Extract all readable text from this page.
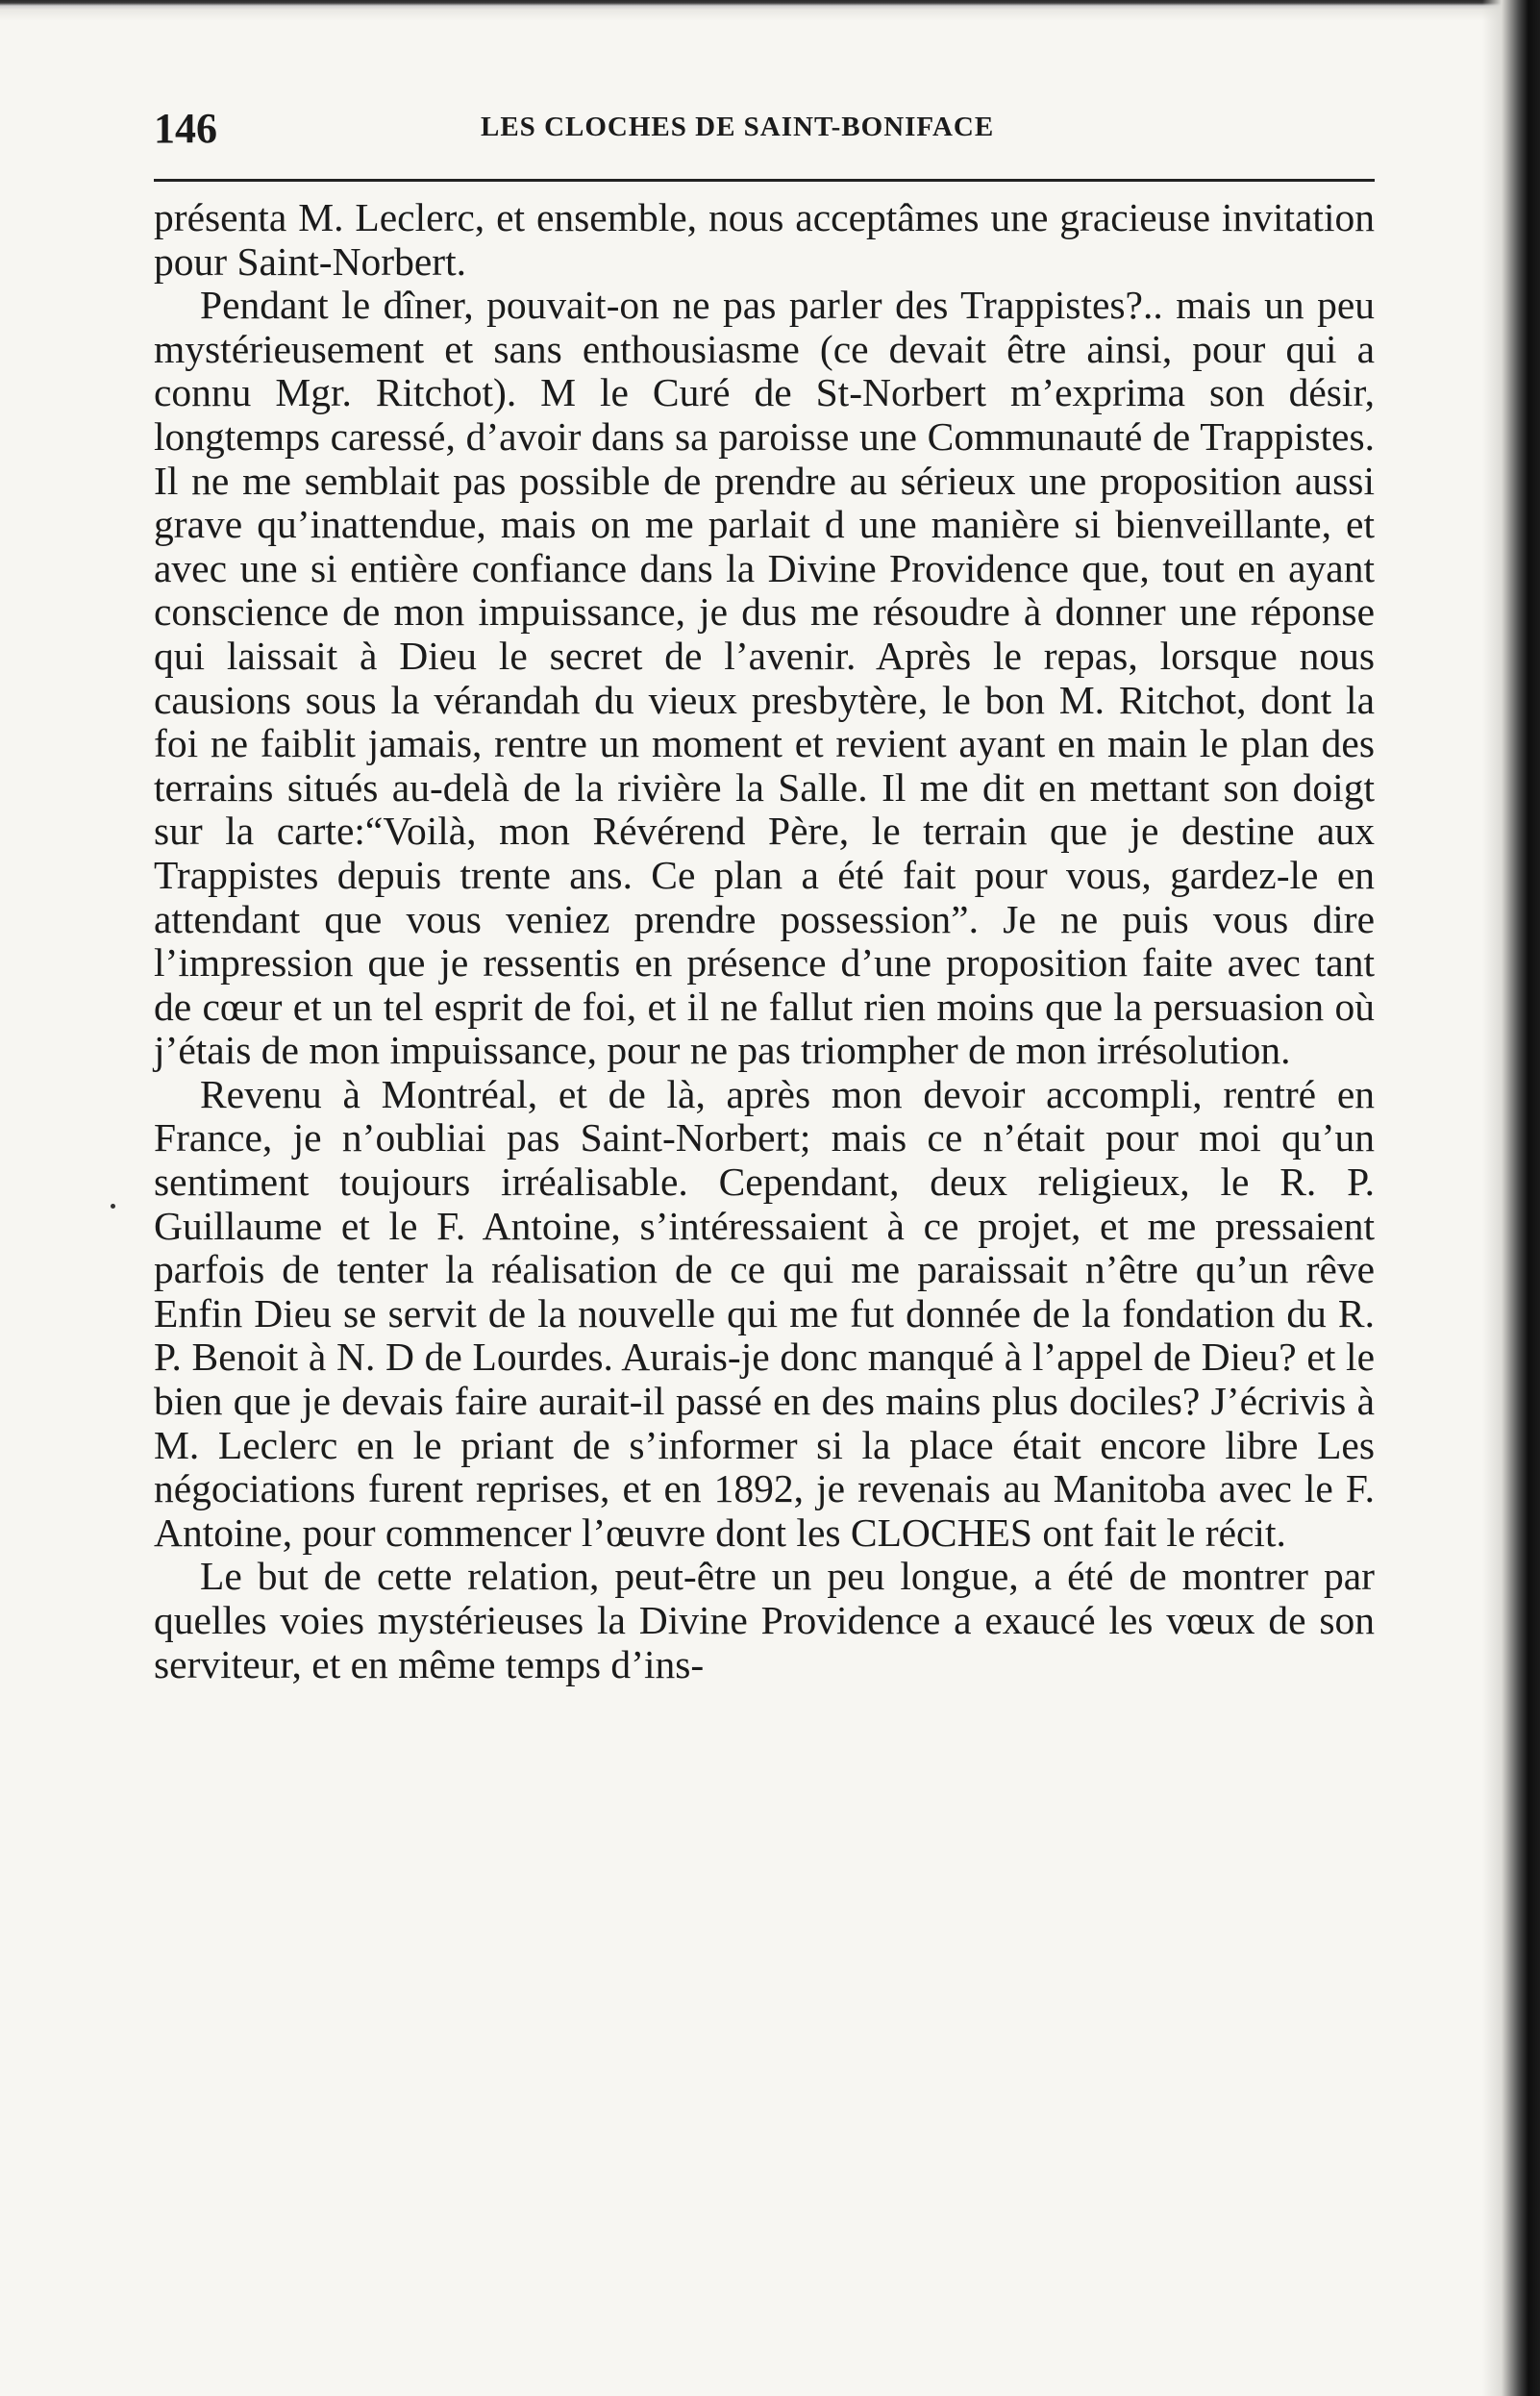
146	LES CLOCHES DE SAINT-BONIFACE

présenta M. Leclerc, et ensemble, nous acceptâmes une gracieuse invitation pour Saint-Norbert.

Pendant le dîner, pouvait-on ne pas parler des Trappistes?.. mais un peu mystérieusement et sans enthousiasme (ce devait être ainsi, pour qui a connu Mgr. Ritchot). M le Curé de St-Norbert m’exprima son désir, longtemps caressé, d’avoir dans sa paroisse une Communauté de Trappistes. Il ne me semblait pas possible de prendre au sérieux une proposition aussi grave qu’inattendue, mais on me parlait d une manière si bienveillante, et avec une si entière confiance dans la Divine Providence que, tout en ayant conscience de mon impuissance, je dus me résoudre à donner une réponse qui laissait à Dieu le secret de l’avenir. Après le repas, lorsque nous causions sous la vérandah du vieux presbytère, le bon M. Ritchot, dont la foi ne faiblit jamais, rentre un moment et revient ayant en main le plan des terrains situés au-delà de la rivière la Salle. Il me dit en mettant son doigt sur la carte:“Voilà, mon Révérend Père, le terrain que je destine aux Trappistes depuis trente ans. Ce plan a été fait pour vous, gardez-le en attendant que vous veniez prendre possession”. Je ne puis vous dire l’impression que je ressentis en présence d’une proposition faite avec tant de cœur et un tel esprit de foi, et il ne fallut rien moins que la persuasion où j’étais de mon impuissance, pour ne pas triompher de mon irrésolution.

Revenu à Montréal, et de là, après mon devoir accompli, rentré en France, je n’oubliai pas Saint-Norbert; mais ce n’était pour moi qu’un sentiment toujours irréalisable. Cependant, deux religieux, le R. P. Guillaume et le F. Antoine, s’intéressaient à ce projet, et me pressaient parfois de tenter la réalisation de ce qui me paraissait n’être qu’un rêve Enfin Dieu se servit de la nouvelle qui me fut donnée de la fondation du R. P. Benoit à N. D de Lourdes. Aurais-je donc manqué à l’appel de Dieu? et le bien que je devais faire aurait-il passé en des mains plus dociles? J’écrivis à M. Leclerc en le priant de s’informer si la place était encore libre Les négociations furent reprises, et en 1892, je revenais au Manitoba avec le F. Antoine, pour commencer l’œuvre dont les CLOCHES ont fait le récit.

Le but de cette relation, peut-être un peu longue, a été de montrer par quelles voies mystérieuses la Divine Providence a exaucé les vœux de son serviteur, et en même temps d’ins-
